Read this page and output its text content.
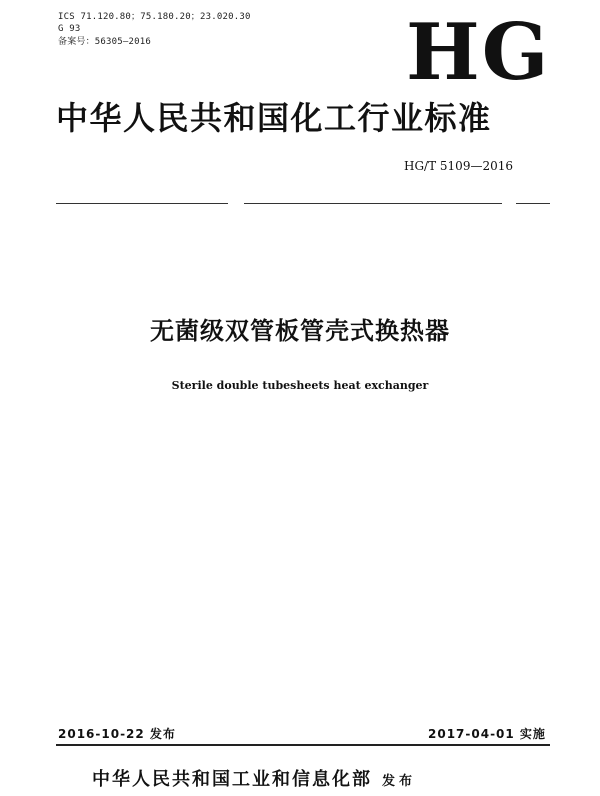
ICS 71.120.80；75.180.20；23.020.30
G 93
备案号：56305—2016	HG
中华人民共和国化工行业标准
HG/T 5109—2016
无菌级双管板管壳式换热器
Sterile double tubesheets heat exchanger
2016-10-22 发布	2017-04-01 实施
中华人民共和国工业和信息化部 发布
